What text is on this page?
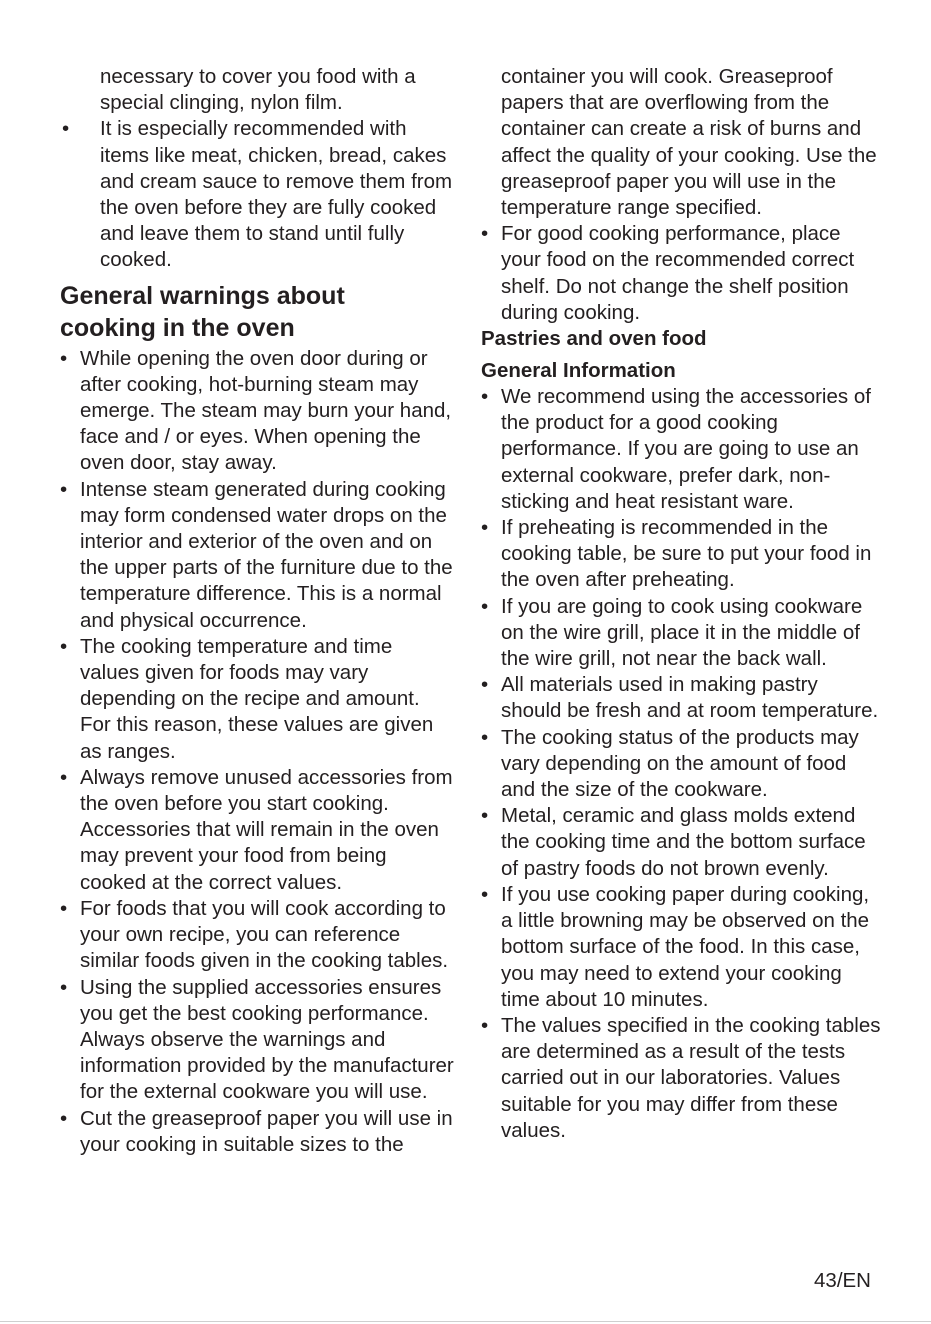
necessary to cover you food with a special clinging, nylon film.

• It is especially recommended with items like meat, chicken, bread, cakes and cream sauce to remove them from the oven before they are fully cooked and leave them to stand until fully cooked.
General warnings about cooking in the oven
• While opening the oven door during or after cooking, hot-burning steam may emerge. The steam may burn your hand, face and / or eyes. When opening the oven door, stay away.
• Intense steam generated during cooking may form condensed water drops on the interior and exterior of the oven and on the upper parts of the furniture due to the temperature difference. This is a normal and physical occurrence.
• The cooking temperature and time values given for foods may vary depending on the recipe and amount. For this reason, these values are given as ranges.
• Always remove unused accessories from the oven before you start cooking. Accessories that will remain in the oven may prevent your food from being cooked at the correct values.
• For foods that you will cook according to your own recipe, you can reference similar foods given in the cooking tables.
• Using the supplied accessories ensures you get the best cooking performance. Always observe the warnings and information provided by the manufacturer for the external cookware you will use.
• Cut the greaseproof paper you will use in your cooking in suitable sizes to the

container you will cook. Greaseproof papers that are overflowing from the container can create a risk of burns and affect the quality of your cooking. Use the greaseproof paper you will use in the temperature range specified.

• For good cooking performance, place your food on the recommended correct shelf. Do not change the shelf position during cooking.
Pastries and oven food
General Information
• We recommend using the accessories of the product for a good cooking performance. If you are going to use an external cookware, prefer dark, non-sticking and heat resistant ware.
• If preheating is recommended in the cooking table, be sure to put your food in the oven after preheating.
• If you are going to cook using cookware on the wire grill, place it in the middle of the wire grill, not near the back wall.
• All materials used in making pastry should be fresh and at room temperature.
• The cooking status of the products may vary depending on the amount of food and the size of the cookware.
• Metal, ceramic and glass molds extend the cooking time and the bottom surface of pastry foods do not brown evenly.
• If you use cooking paper during cooking, a little browning may be observed on the bottom surface of the food. In this case, you may need to extend your cooking time about 10 minutes.
• The values specified in the cooking tables are determined as a result of the tests carried out in our laboratories. Values suitable for you may differ from these values.
43/EN
